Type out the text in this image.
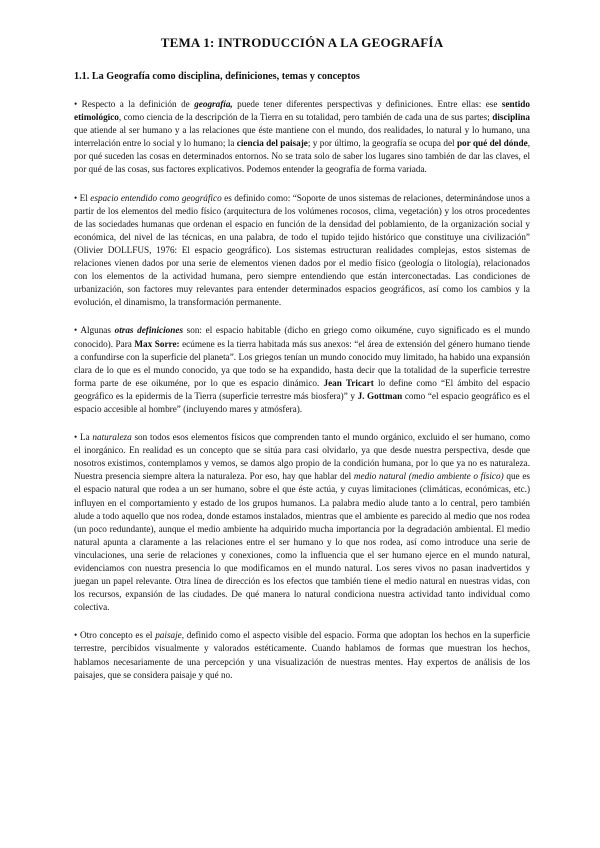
TEMA 1: INTRODUCCIÓN A LA GEOGRAFÍA
1.1. La Geografía como disciplina, definiciones, temas y conceptos

• Respecto a la definición de geografía, puede tener diferentes perspectivas y definiciones. Entre ellas: ese sentido etimológico, como ciencia de la descripción de la Tierra en su totalidad, pero también de cada una de sus partes; disciplina que atiende al ser humano y a las relaciones que éste mantiene con el mundo, dos realidades, lo natural y lo humano, una interrelación entre lo social y lo humano; la ciencia del paisaje; y por último, la geografía se ocupa del por qué del dónde, por qué suceden las cosas en determinados entornos. No se trata solo de saber los lugares sino también de dar las claves, el por qué de las cosas, sus factores explicativos. Podemos entender la geografía de forma variada.

• El espacio entendido como geográfico es definido como: “Soporte de unos sistemas de relaciones, determinándose unos a partir de los elementos del medio físico (arquitectura de los volúmenes rocosos, clima, vegetación) y los otros procedentes de las sociedades humanas que ordenan el espacio en función de la densidad del poblamiento, de la organización social y económica, del nivel de las técnicas, en una palabra, de todo el tupido tejido histórico que constituye una civilización” (Olivier DOLLFUS, 1976: El espacio geográfico). Los sistemas estructuran realidades complejas, estos sistemas de relaciones vienen dados por una serie de elementos vienen dados por el medio físico (geología o litología), relacionados con los elementos de la actividad humana, pero siempre entendiendo que están interconectadas. Las condiciones de urbanización, son factores muy relevantes para entender determinados espacios geográficos, así como los cambios y la evolución, el dinamismo, la transformación permanente.

• Algunas otras definiciones son: el espacio habitable (dicho en griego como oikuméne, cuyo significado es el mundo conocido). Para Max Sorre: ecúmene es la tierra habitada más sus anexos: “el área de extensión del género humano tiende a confundirse con la superficie del planeta”. Los griegos tenían un mundo conocido muy limitado, ha habido una expansión clara de lo que es el mundo conocido, ya que todo se ha expandido, hasta decir que la totalidad de la superficie terrestre forma parte de ese oikuméne, por lo que es espacio dinámico. Jean Tricart lo define como “El ámbito del espacio geográfico es la epidermis de la Tierra (superficie terrestre más biosfera)” y J. Gottman como “el espacio geográfico es el espacio accesible al hombre” (incluyendo mares y atmósfera).

• La naturaleza son todos esos elementos físicos que comprenden tanto el mundo orgánico, excluido el ser humano, como el inorgánico. En realidad es un concepto que se sitúa para casi olvidarlo, ya que desde nuestra perspectiva, desde que nosotros existimos, contemplamos y vemos, se damos algo propio de la condición humana, por lo que ya no es naturaleza. Nuestra presencia siempre altera la naturaleza. Por eso, hay que hablar del medio natural (medio ambiente o físico) que es el espacio natural que rodea a un ser humano, sobre el que éste actúa, y cuyas limitaciones (climáticas, económicas, etc.) influyen en el comportamiento y estado de los grupos humanos. La palabra medio alude tanto a lo central, pero también alude a todo aquello que nos rodea, donde estamos instalados, mientras que el ambiente es parecido al medio que nos rodea (un poco redundante), aunque el medio ambiente ha adquirido mucha importancia por la degradación ambiental. El medio natural apunta a claramente a las relaciones entre el ser humano y lo que nos rodea, así como introduce una serie de vinculaciones, una serie de relaciones y conexiones, como la influencia que el ser humano ejerce en el mundo natural, evidenciamos con nuestra presencia lo que modificamos en el mundo natural. Los seres vivos no pasan inadvertidos y juegan un papel relevante. Otra línea de dirección es los efectos que también tiene el medio natural en nuestras vidas, con los recursos, expansión de las ciudades. De qué manera lo natural condiciona nuestra actividad tanto individual como colectiva.

• Otro concepto es el paisaje, definido como el aspecto visible del espacio. Forma que adoptan los hechos en la superficie terrestre, percibidos visualmente y valorados estéticamente. Cuando hablamos de formas que muestran los hechos, hablamos necesariamente de una percepción y una visualización de nuestras mentes. Hay expertos de análisis de los paisajes, que se considera paisaje y qué no.
